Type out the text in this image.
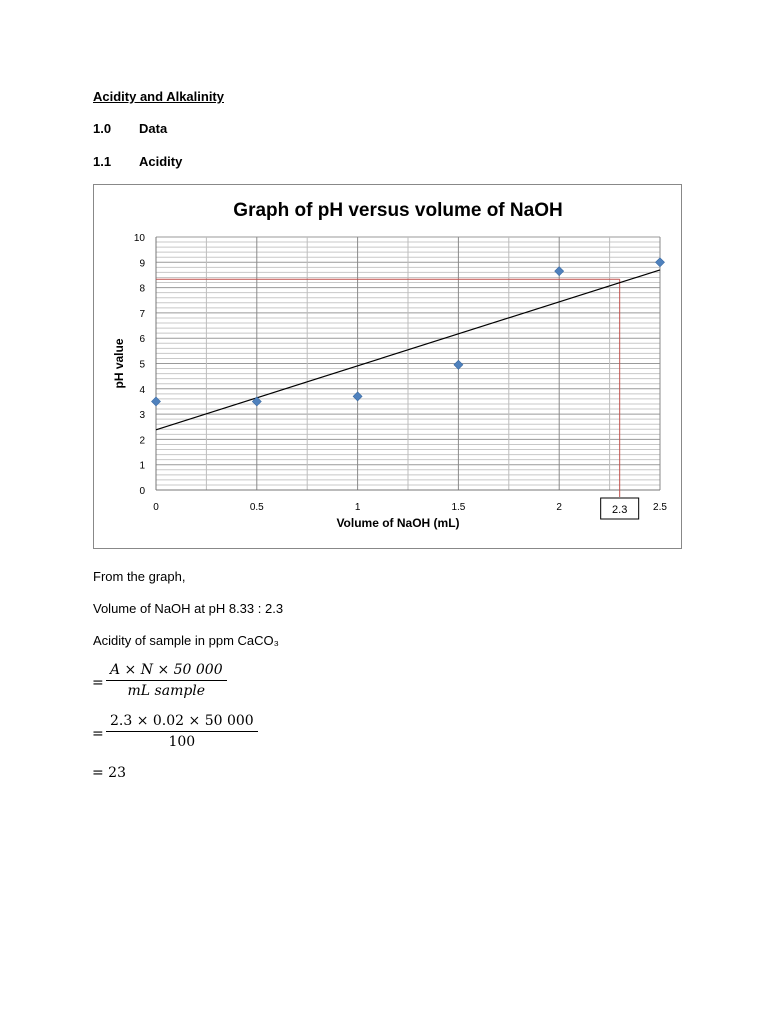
Acidity and Alkalinity
1.0 Data
1.1 Acidity
Graph of pH versus volume of NaOH
0
1
2
3
4
5
6
7
8
9
10
0	0.5	1	1.5	2	2.5
Volume of NaOH (mL)
pH value
2.3
From the graph,
Volume of NaOH at pH 8.33 : 2.3
Acidity of sample in ppm CaCO₃
=
A × N × 50 000
mL sample
= $\frac{2.3 \times 0.02 \times 50 000}{100}$
= 23
